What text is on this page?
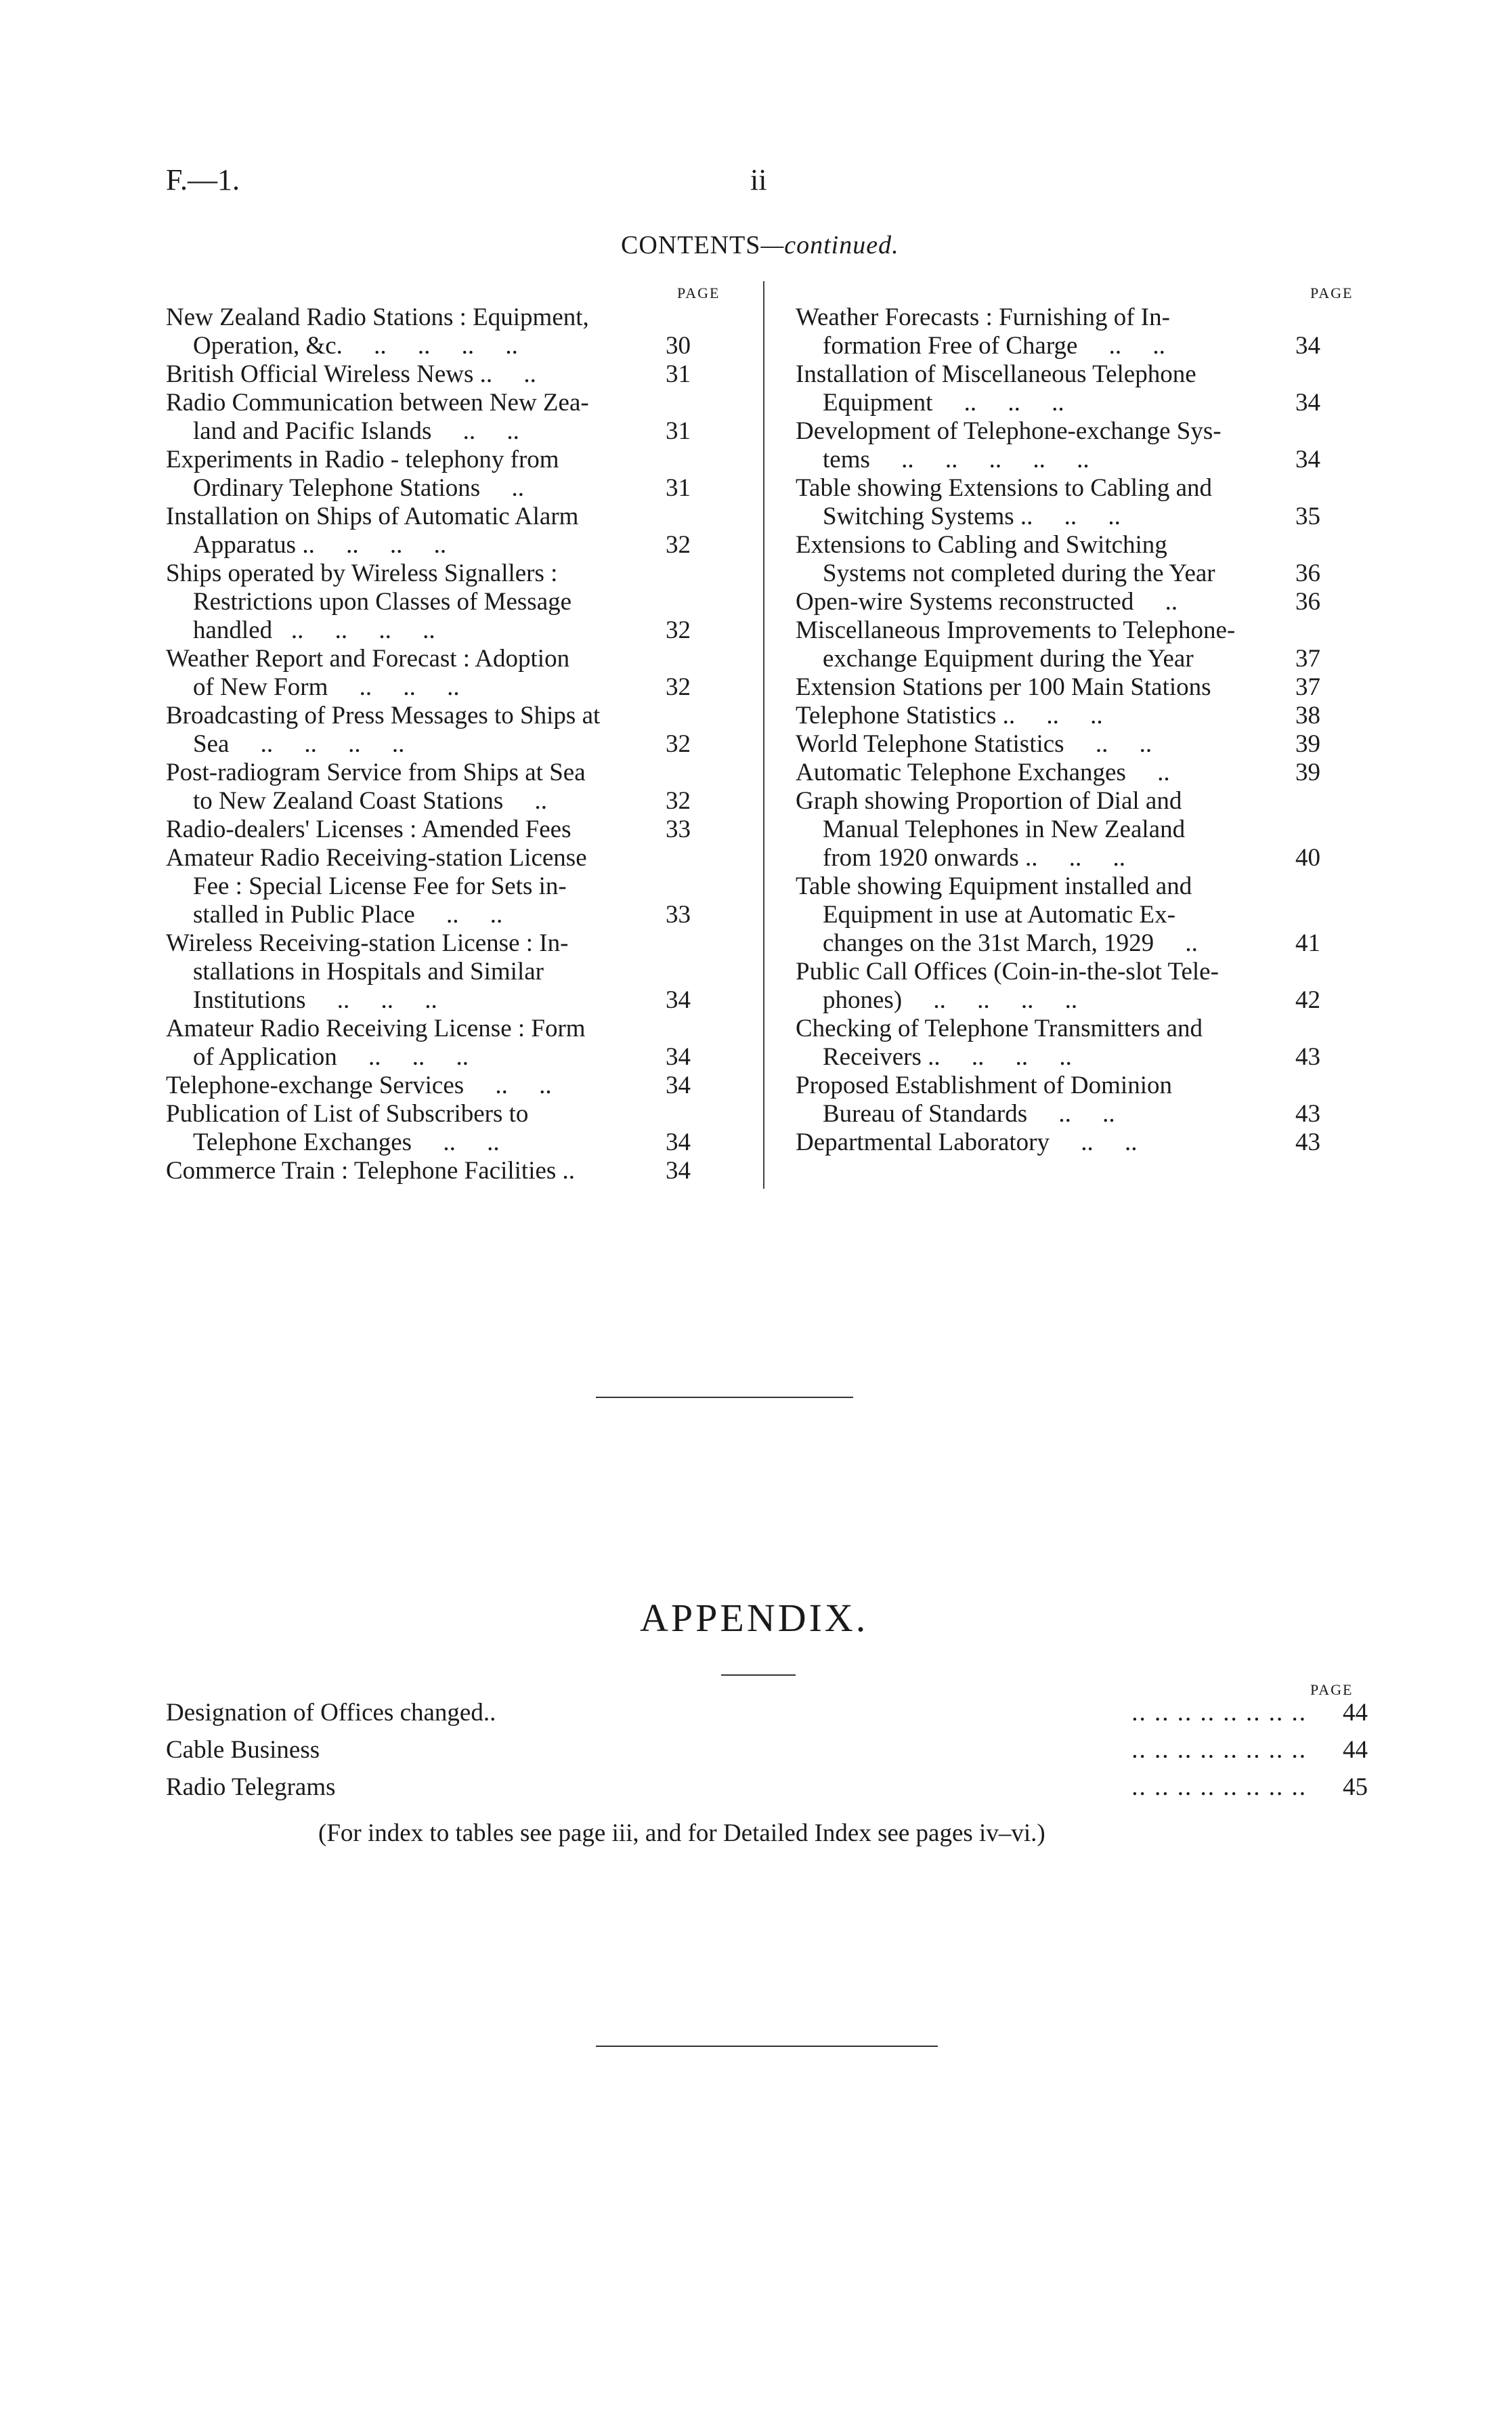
F.—1.	ii
CONTENTS—continued.
PAGE	PAGE
New Zealand Radio Stations : Equipment,
Operation, &c.     ..     ..     ..     ..	30
British Official Wireless News ..     ..	31
Radio Communication between New Zea-
land and Pacific Islands     ..     ..	31
Experiments in Radio - telephony from
Ordinary Telephone Stations     ..	31
Installation on Ships of Automatic Alarm
Apparatus ..     ..     ..     ..	32
Ships operated by Wireless Signallers :
Restrictions upon Classes of Message
handled   ..     ..     ..     ..	32
Weather Report and Forecast : Adoption
of New Form     ..     ..     ..	32
Broadcasting of Press Messages to Ships at
Sea     ..     ..     ..     ..	32
Post-radiogram Service from Ships at Sea
to New Zealand Coast Stations     ..	32
Radio-dealers' Licenses : Amended Fees	33
Amateur Radio Receiving-station License
Fee : Special License Fee for Sets in-
stalled in Public Place     ..     ..	33
Wireless Receiving-station License : In-
stallations in Hospitals and Similar
Institutions     ..     ..     ..	34
Amateur Radio Receiving License : Form
of Application     ..     ..     ..	34
Telephone-exchange Services     ..     ..	34
Publication of List of Subscribers to
Telephone Exchanges     ..     ..	34
Commerce Train : Telephone Facilities ..	34
Weather Forecasts : Furnishing of In-
formation Free of Charge     ..     ..	34
Installation of Miscellaneous Telephone
Equipment     ..     ..     ..	34
Development of Telephone-exchange Sys-
tems     ..     ..     ..     ..     ..	34
Table showing Extensions to Cabling and
Switching Systems ..     ..     ..	35
Extensions to Cabling and Switching
Systems not completed during the Year	36
Open-wire Systems reconstructed     ..	36
Miscellaneous Improvements to Telephone-
exchange Equipment during the Year	37
Extension Stations per 100 Main Stations	37
Telephone Statistics ..     ..     ..	38
World Telephone Statistics     ..     ..	39
Automatic Telephone Exchanges     ..	39
Graph showing Proportion of Dial and
Manual Telephones in New Zealand
from 1920 onwards ..     ..     ..	40
Table showing Equipment installed and
Equipment in use at Automatic Ex-
changes on the 31st March, 1929     ..	41
Public Call Offices (Coin-in-the-slot Tele-
phones)     ..     ..     ..     ..	42
Checking of Telephone Transmitters and
Receivers ..     ..     ..     ..	43
Proposed Establishment of Dominion
Bureau of Standards     ..     ..	43
Departmental Laboratory     ..     ..	43
APPENDIX.
PAGE
Designation of Offices changed..	.. .. .. .. .. .. .. .. 44
Cable Business	.. .. .. .. .. .. .. .. 44
Radio Telegrams	.. .. .. .. .. .. .. .. 45
(For index to tables see page iii, and for Detailed Index see pages iv–vi.)
